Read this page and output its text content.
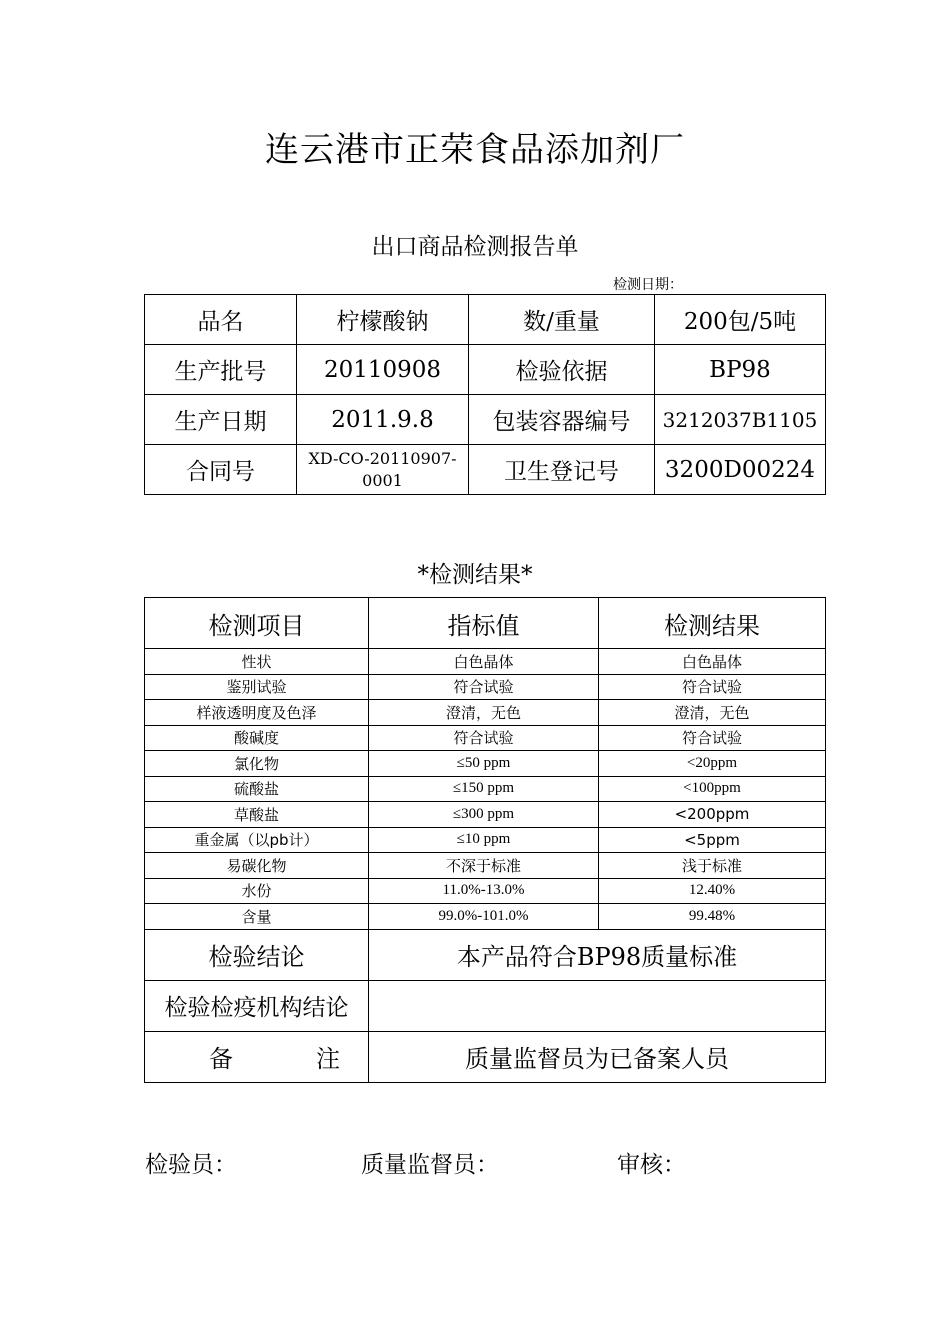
连云港市正荣食品添加剂厂
出口商品检测报告单
检测日期：
品名	柠檬酸钠	数/重量	200包/5吨
生产批号	20110908	检验依据	BP98
生产日期	2011.9.8	包装容器编号	3212037B1105
合同号	XD-CO-20110907-0001	卫生登记号	3200D00224
*检测结果*
检测项目	指标值	检测结果
性状	白色晶体	白色晶体
鉴别试验	符合试验	符合试验
样液透明度及色泽	澄清，无色	澄清，无色
酸碱度	符合试验	符合试验
氯化物	≤50 ppm	<20ppm
硫酸盐	≤150 ppm	<100ppm
草酸盐	≤300 ppm	<200ppm
重金属（以pb计）	≤10 ppm	<5ppm
易碳化物	不深于标准	浅于标准
水份	11.0%-13.0%	12.40%
含量	99.0%-101.0%	99.48%
检验结论	本产品符合BP98质量标准	
检验检疫机构结论		

备 注	质量监督员为已备案人员	
检验员：	质量监督员：	审核：
